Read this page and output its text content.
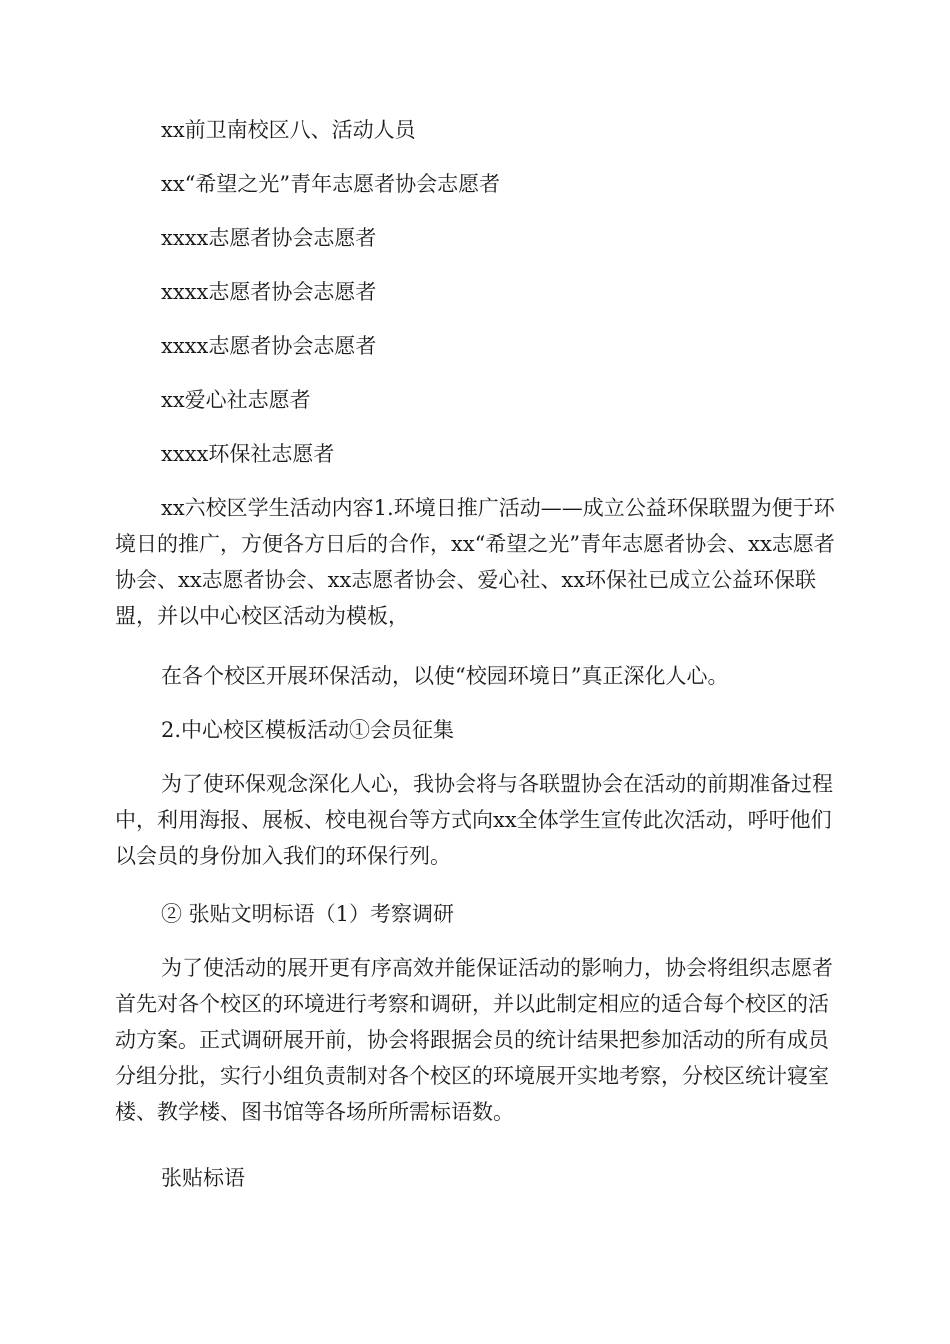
xx前卫南校区八、活动人员

xx“希望之光”青年志愿者协会志愿者

xxxx志愿者协会志愿者

xxxx志愿者协会志愿者

xxxx志愿者协会志愿者

xx爱心社志愿者

xxxx环保社志愿者

xx六校区学生活动内容1.环境日推广活动——成立公益环保联盟为便于环境日的推广，方便各方日后的合作，xx“希望之光”青年志愿者协会、xx志愿者协会、xx志愿者协会、xx志愿者协会、爱心社、xx环保社已成立公益环保联盟，并以中心校区活动为模板，

在各个校区开展环保活动，以使“校园环境日”真正深化人心。

2.中心校区模板活动①会员征集

为了使环保观念深化人心，我协会将与各联盟协会在活动的前期准备过程中，利用海报、展板、校电视台等方式向xx全体学生宣传此次活动，呼吁他们以会员的身份加入我们的环保行列。

② 张贴文明标语（1）考察调研

为了使活动的展开更有序高效并能保证活动的影响力，协会将组织志愿者首先对各个校区的环境进行考察和调研，并以此制定相应的适合每个校区的活动方案。正式调研展开前，协会将跟据会员的统计结果把参加活动的所有成员分组分批，实行小组负责制对各个校区的环境展开实地考察，分校区统计寝室楼、教学楼、图书馆等各场所所需标语数。

张贴标语
